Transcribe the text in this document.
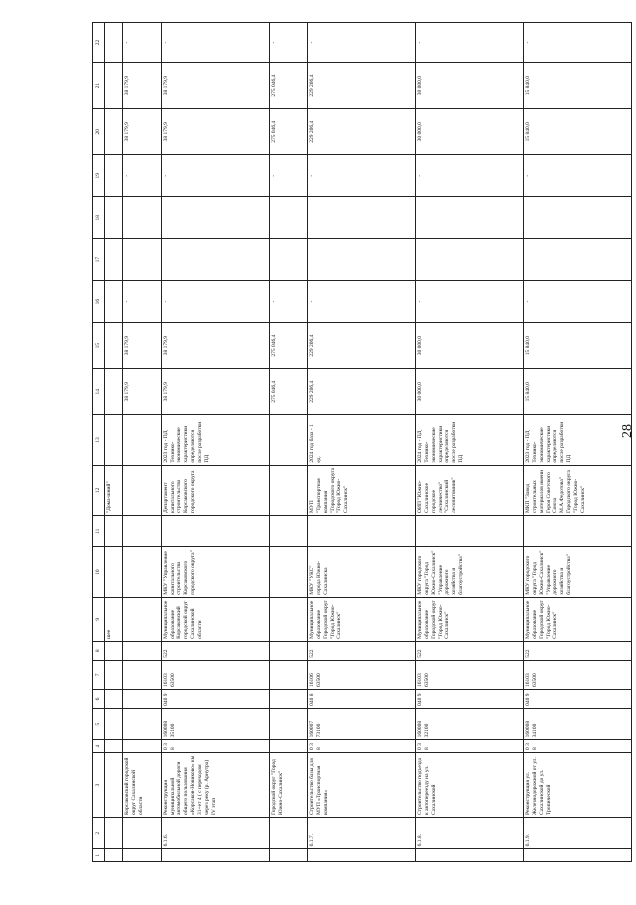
28
1	2	3	4	5	6	7	8	9	10	11	12	13	14	15	16	17	18	19	20	21	22
								шее			"Дома-шний"										
		Корсаковский городской округ Сахалинской области											38 179,9	38 179,9	-			-	38 179,9	38 179,9	-
	6.1.6.	Реконструкция муниципальной автомобильной дороги общего пользования «Корсаков-Новиково» км 31+ет 4 ( с переходом через реку (р. Арнутра) IV этап	0 3 8	160008 35100	040 9	16103 63500	522	Муниципальное образование Корсаковский городской округ Сахалинской области	МКУ "Управление капитального строительства Корсаковского городского округа"		Департамент капитального строительства Корсаковского городского округа	2023 год - ПД Технико-экономические характеристики определяются после разработки ПД	38 179,9	38 179,9	-			-	38 179,9	38 179,9	-
		Городской округ "Город Южно-Сахалинск"											275 046,4	275 046,4	-			-	275 046,4	275 046,4	-
	6.1.7.	Строительство базы для МУП «Транспортная компания»	0 3 8	160007 73100	040 8	16106 63500	522	Муниципальное образование Городской округ "Город Южно-Сахалинск"	МКУ "УКС" города Южно-Сахалинска		МУП "Транспортная компания "Городского округа "Город Южно-Сахалинск"	2024 год база - 1 ед.	229 206,4	229 206,4	-			-	229 206,4	229 206,4	-
	6.1.8.	Строительство подъезда к автопереезду на ул. Сахалинской	0 3 8	160008 32100	040 9	16103 63500	522	Муниципальное образование Городской округ "Город Южно-Сахалинск"	МКУ городского округа "Город Южно-Сахалинск" "Управление дорожного хозяйства и благоустройства"		ОИП "Южно-Сахалинское городское лесничество" "Сахалинский лесопитомник"	2024 год - ПД Технико-экономические характеристики определяются после разработки ПД	30 000,0	30 000,0	-			-	30 000,0	30 000,0	-
	6.1.9.	Реконструкция ул. Железнодорожной от ул. Сахалинской до ул. Тропической	0 3 8	160008 34100	040 9	16103 63500	522	Муниципальное образование Городской округ "Город Южно-Сахалинск"	МКУ городского округа "Город Южно-Сахалинск" "Управление дорожного хозяйства и благоустройства"		МКП "Завод строительных материалов имени Героя Советского Союза М.А.Федотова" Городского округа "Город Южно-Сахалинск"	2023 год - ПД Технико-экономические характеристики определяются после разработки ПД	15 840,0	15 840,0	-			-	15 840,0	15 840,0	-
